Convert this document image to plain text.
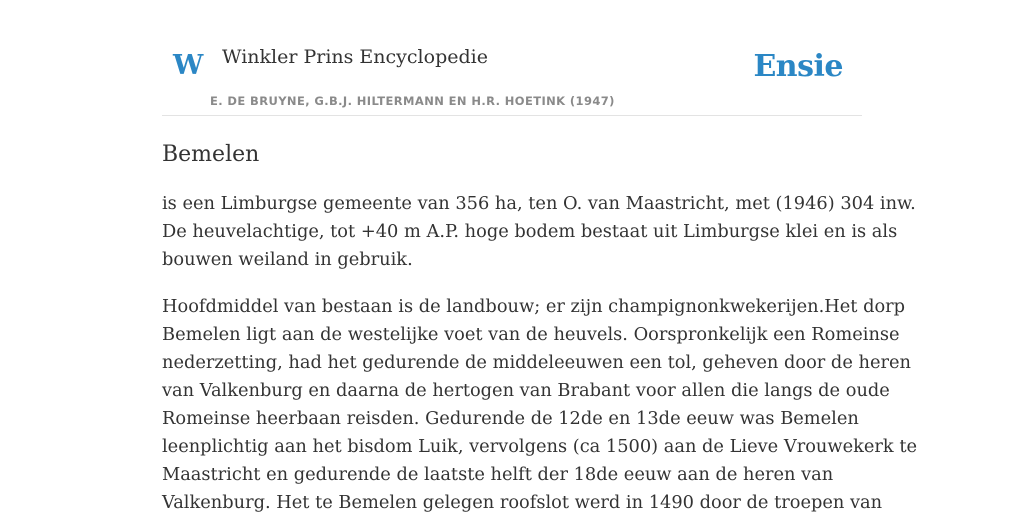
W Winkler Prins Encyclopedie
E. DE BRUYNE, G.B.J. HILTERMANN EN H.R. HOETINK (1947)
Ensie
Bemelen

is een Limburgse gemeente van 356 ha, ten O. van Maastricht, met (1946) 304 inw.
De heuvelachtige, tot +40 m A.P. hoge bodem bestaat uit Limburgse klei en is als
bouwen weiland in gebruik.

Hoofdmiddel van bestaan is de landbouw; er zijn champignonkwekerijen.Het dorp
Bemelen ligt aan de westelijke voet van de heuvels. Oorspronkelijk een Romeinse
nederzetting, had het gedurende de middeleeuwen een tol, geheven door de heren
van Valkenburg en daarna de hertogen van Brabant voor allen die langs de oude
Romeinse heerbaan reisden. Gedurende de 12de en 13de eeuw was Bemelen
leenplichtig aan het bisdom Luik, vervolgens (ca 1500) aan de Lieve Vrouwekerk te
Maastricht en gedurende de laatste helft der 18de eeuw aan de heren van
Valkenburg. Het te Bemelen gelegen roofslot werd in 1490 door de troepen van
